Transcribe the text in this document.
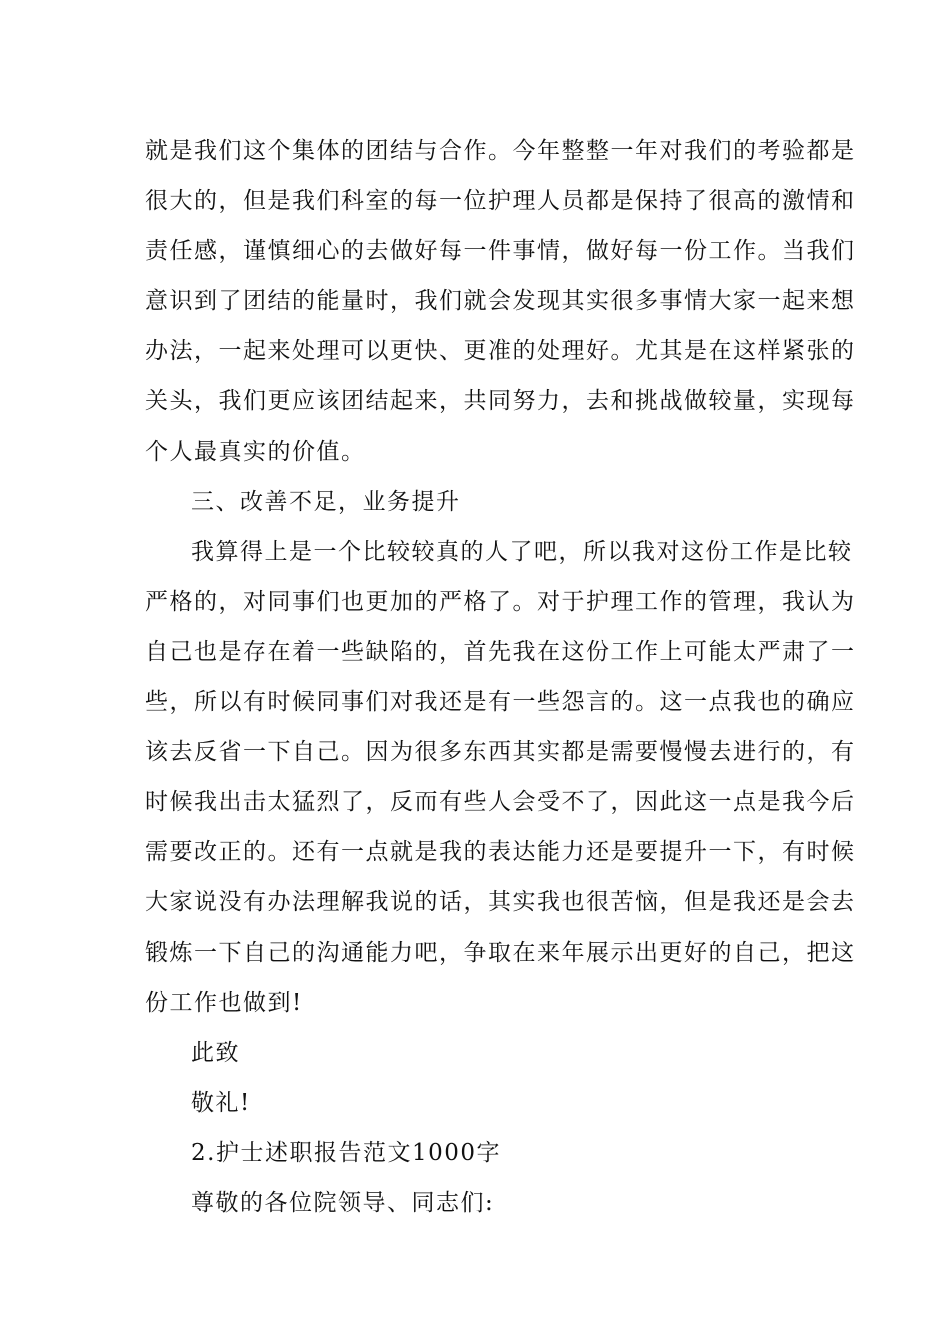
就是我们这个集体的团结与合作。今年整整一年对我们的考验都是
很大的，但是我们科室的每一位护理人员都是保持了很高的激情和
责任感，谨慎细心的去做好每一件事情，做好每一份工作。当我们
意识到了团结的能量时，我们就会发现其实很多事情大家一起来想
办法，一起来处理可以更快、更准的处理好。尤其是在这样紧张的
关头，我们更应该团结起来，共同努力，去和挑战做较量，实现每
个人最真实的价值。
三、改善不足，业务提升
我算得上是一个比较较真的人了吧，所以我对这份工作是比较
严格的，对同事们也更加的严格了。对于护理工作的管理，我认为
自己也是存在着一些缺陷的，首先我在这份工作上可能太严肃了一
些，所以有时候同事们对我还是有一些怨言的。这一点我也的确应
该去反省一下自己。因为很多东西其实都是需要慢慢去进行的，有
时候我出击太猛烈了，反而有些人会受不了，因此这一点是我今后
需要改正的。还有一点就是我的表达能力还是要提升一下，有时候
大家说没有办法理解我说的话，其实我也很苦恼，但是我还是会去
锻炼一下自己的沟通能力吧，争取在来年展示出更好的自己，把这
份工作也做到!
此致
敬礼!
2.护士述职报告范文1000字
尊敬的各位院领导、同志们:
